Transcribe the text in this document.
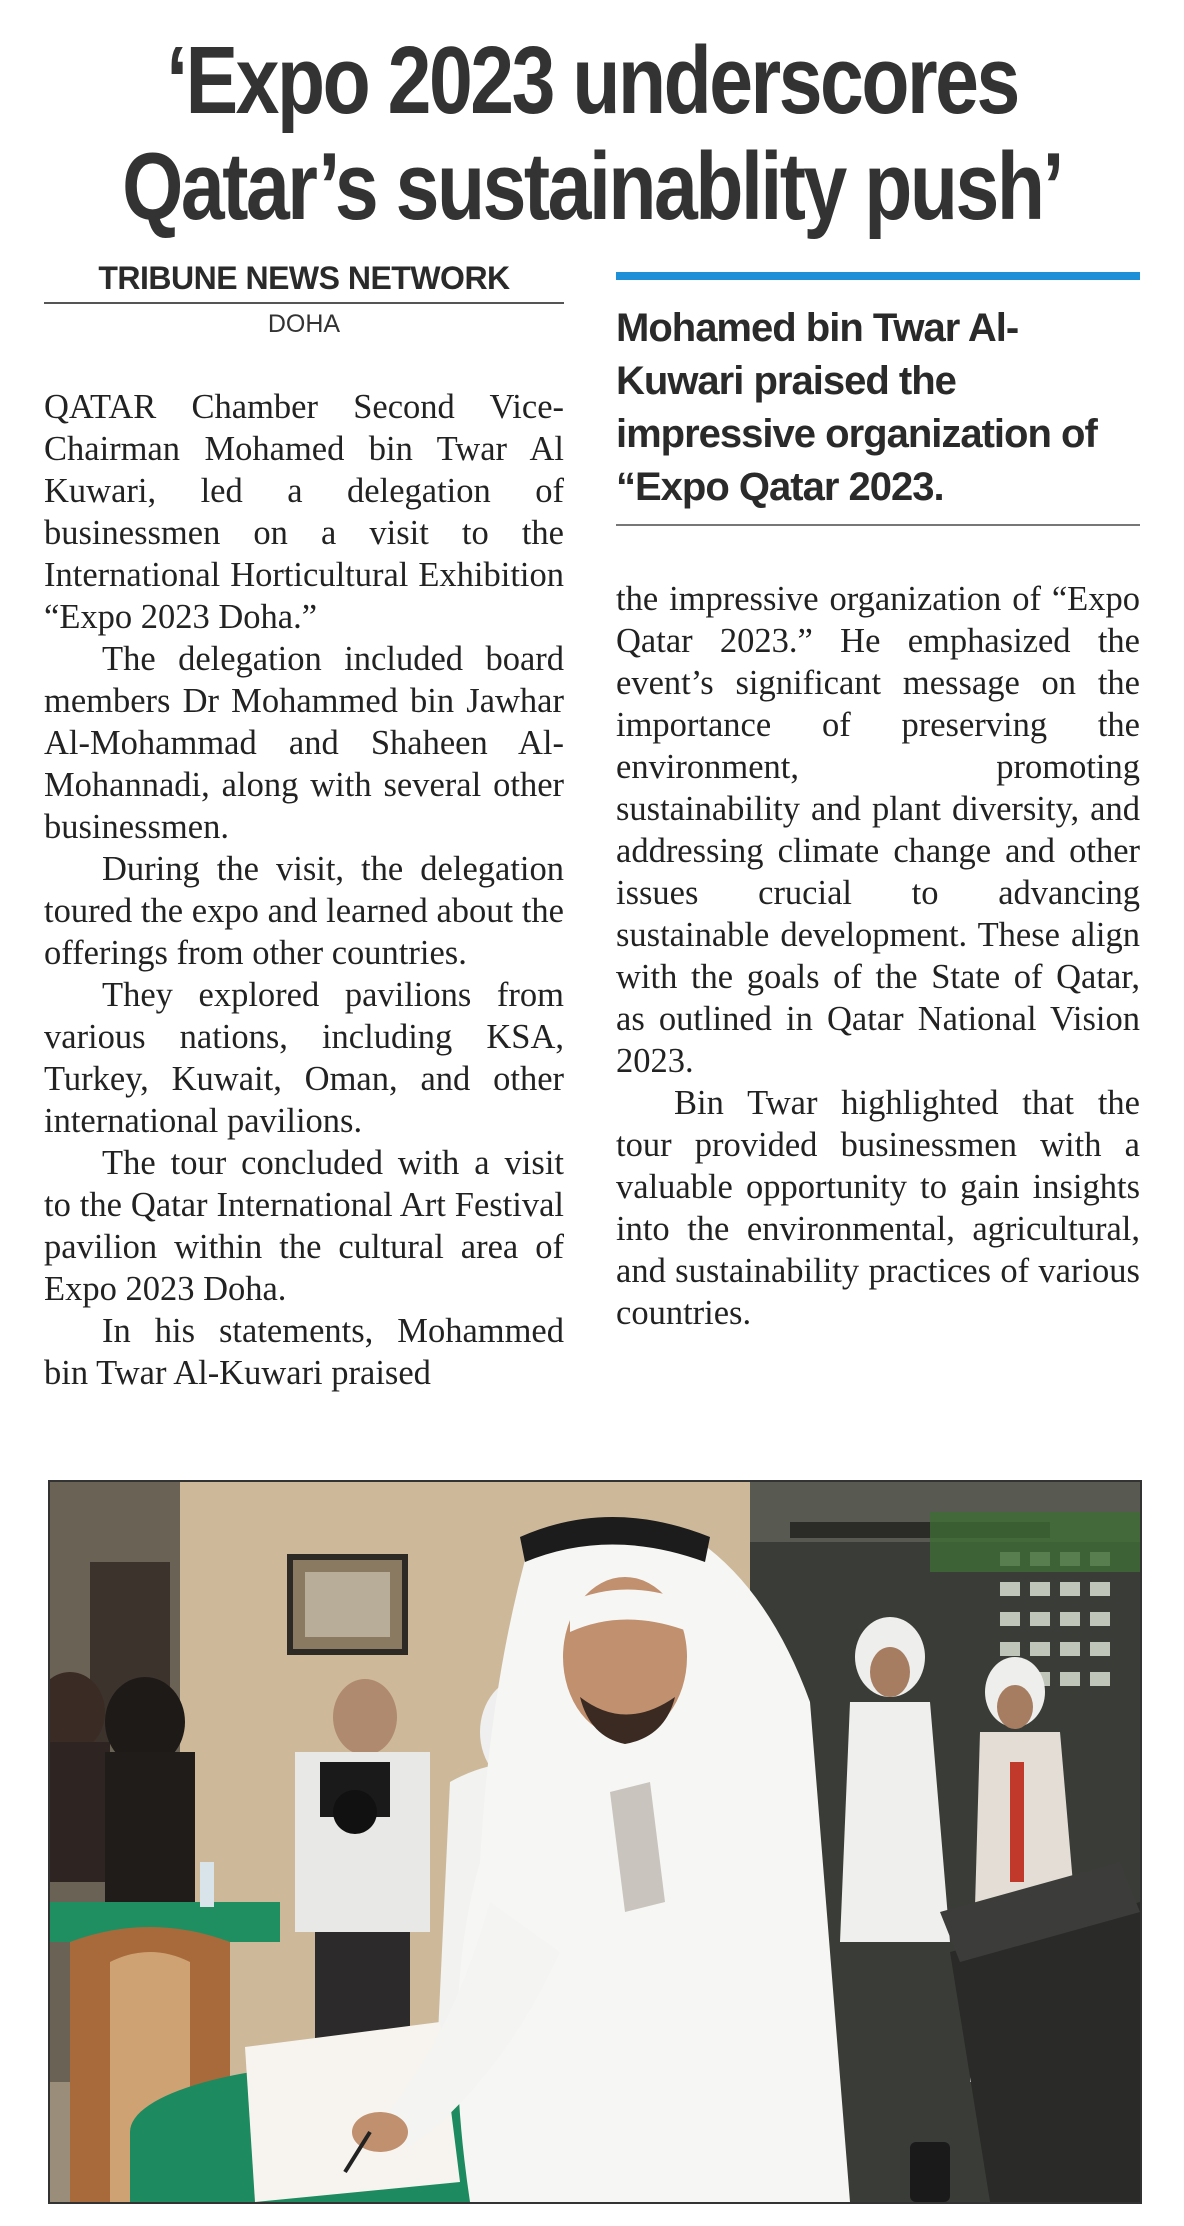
‘Expo 2023 underscores
Qatar’s sustainablity push’
TRIBUNE NEWS NETWORK
DOHA

QATAR Chamber Second Vice-Chairman Mohamed bin Twar Al Kuwari, led a delegation of businessmen on a visit to the International Horticultural Exhibition “Expo 2023 Doha.”

The delegation included board members Dr Mohammed bin Jawhar Al-Mohammad and Shaheen Al-Mohannadi, along with several other businessmen.

During the visit, the delegation toured the expo and learned about the offerings from other countries.

They explored pavilions from various nations, including KSA, Turkey, Kuwait, Oman, and other international pavilions.

The tour concluded with a visit to the Qatar International Art Festival pavilion within the cultural area of Expo 2023 Doha.

In his statements, Mohammed bin Twar Al-Kuwari praised

Mohamed bin Twar Al-Kuwari praised the impressive organization of “Expo Qatar 2023.

the impressive organization of “Expo Qatar 2023.” He emphasized the event’s significant message on the importance of preserving the environment, promoting sustainability and plant diversity, and addressing climate change and other issues crucial to advancing sustainable development. These align with the goals of the State of Qatar, as outlined in Qatar National Vision 2023.

Bin Twar highlighted that the tour provided businessmen with a valuable opportunity to gain insights into the environmental, agricultural, and sustainability practices of various countries.
